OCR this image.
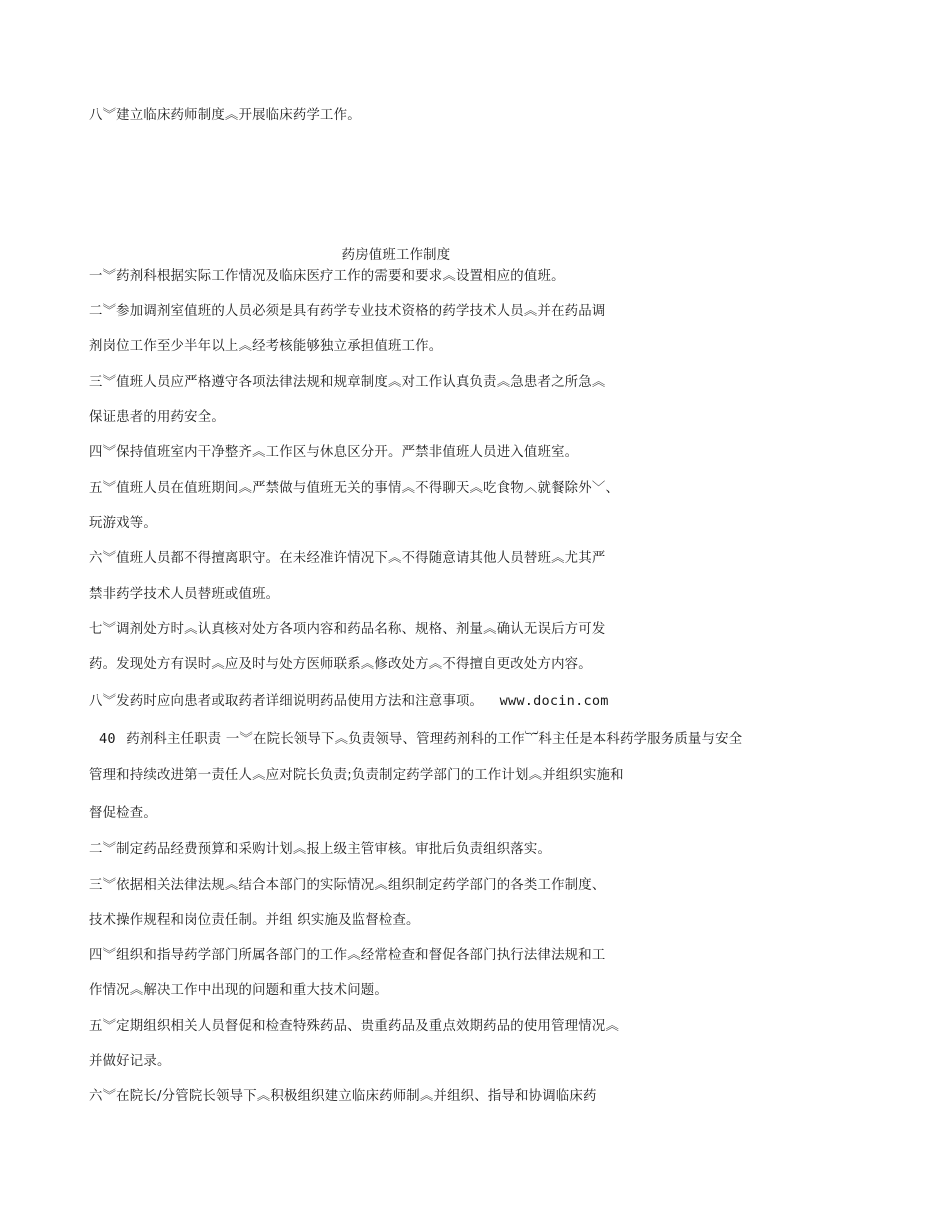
八︾建立临床药师制度︽开展临床药学工作。
药房值班工作制度
一︾药剂科根据实际工作情况及临床医疗工作的需要和要求︽设置相应的值班。
二︾参加调剂室值班的人员必须是具有药学专业技术资格的药学技术人员︽并在药品调
剂岗位工作至少半年以上︽经考核能够独立承担值班工作。
三︾值班人员应严格遵守各项法律法规和规章制度︽对工作认真负责︽急患者之所急︽
保证患者的用药安全。
四︾保持值班室内干净整齐︽工作区与休息区分开。严禁非值班人员进入值班室。
五︾值班人员在值班期间︽严禁做与值班无关的事情︽不得聊天︽吃食物︿就餐除外﹀、
玩游戏等。
六︾值班人员都不得擅离职守。在未经准许情况下︽不得随意请其他人员替班︽尤其严
禁非药学技术人员替班或值班。
七︾调剂处方时︽认真核对处方各项内容和药品名称、规格、剂量︽确认无误后方可发
药。发现处方有误时︽应及时与处方医师联系︽修改处方︽不得擅自更改处方内容。
八︾发药时应向患者或取药者详细说明药品使用方法和注意事项。 www.docin.com
40 药剂科主任职责 一︾在院长领导下︽负责领导、管理药剂科的工作︸科主任是本科药学服务质量与安全
管理和持续改进第一责任人︽应对院长负责;负责制定药学部门的工作计划︽并组织实施和
督促检查。
二︾制定药品经费预算和采购计划︽报上级主管审核。审批后负责组织落实。
三︾依据相关法律法规︽结合本部门的实际情况︽组织制定药学部门的各类工作制度、
技术操作规程和岗位责任制。并组 织实施及监督检查。
四︾组织和指导药学部门所属各部门的工作︽经常检查和督促各部门执行法律法规和工
作情况︽解决工作中出现的问题和重大技术问题。
五︾定期组织相关人员督促和检查特殊药品、贵重药品及重点效期药品的使用管理情况︽
并做好记录。
六︾在院长/分管院长领导下︽积极组织建立临床药师制︽并组织、指导和协调临床药
